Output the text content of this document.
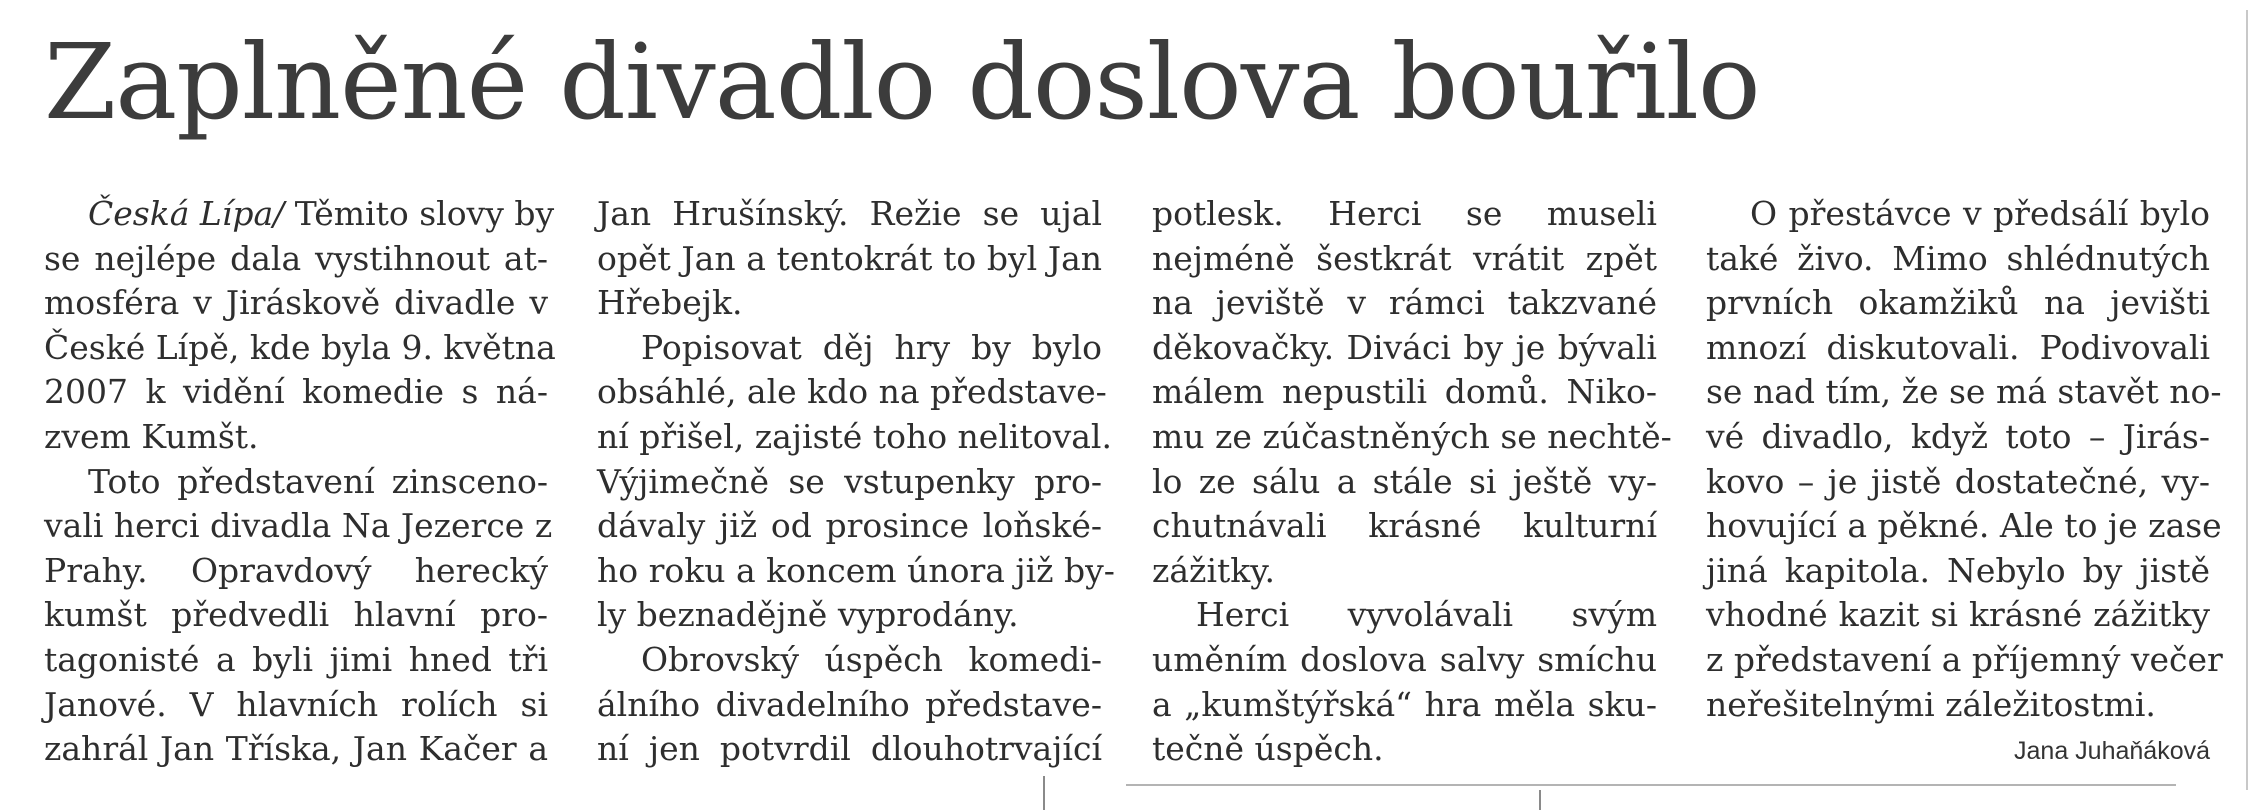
Zaplněné divadlo doslova bouřilo
Česká Lípa/ Těmito slovy by
se nejlépe dala vystihnout at-
mosféra v Jiráskově divadle v
České Lípě, kde byla 9. května
2007 k vidění komedie s ná-
zvem Kumšt.
Toto představení zinsceno-
vali herci divadla Na Jezerce z
Prahy. Opravdový herecký
kumšt předvedli hlavní pro-
tagonisté a byli jimi hned tři
Janové. V hlavních rolích si
zahrál Jan Tříska, Jan Kačer a
Jan Hrušínský. Režie se ujal
opět Jan a tentokrát to byl Jan
Hřebejk.
Popisovat děj hry by bylo
obsáhlé, ale kdo na představe-
ní přišel, zajisté toho nelitoval.
Výjimečně se vstupenky pro-
dávaly již od prosince loňské-
ho roku a koncem února již by-
ly beznadějně vyprodány.
Obrovský úspěch komedi-
álního divadelního představe-
ní jen potvrdil dlouhotrvající
potlesk. Herci se museli
nejméně šestkrát vrátit zpět
na jeviště v rámci takzvané
děkovačky. Diváci by je bývali
málem nepustili domů. Niko-
mu ze zúčastněných se nechtě-
lo ze sálu a stále si ještě vy-
chutnávali krásné kulturní
zážitky.
Herci vyvolávali svým
uměním doslova salvy smíchu
a „kumštýřská“ hra měla sku-
tečně úspěch.
O přestávce v předsálí bylo
také živo. Mimo shlédnutých
prvních okamžiků na jevišti
mnozí diskutovali. Podivovali
se nad tím, že se má stavět no-
vé divadlo, když toto – Jirás-
kovo – je jistě dostatečné, vy-
hovující a pěkné. Ale to je zase
jiná kapitola. Nebylo by jistě
vhodné kazit si krásné zážitky
z představení a příjemný večer
neřešitelnými záležitostmi.
Jana Juhaňáková
